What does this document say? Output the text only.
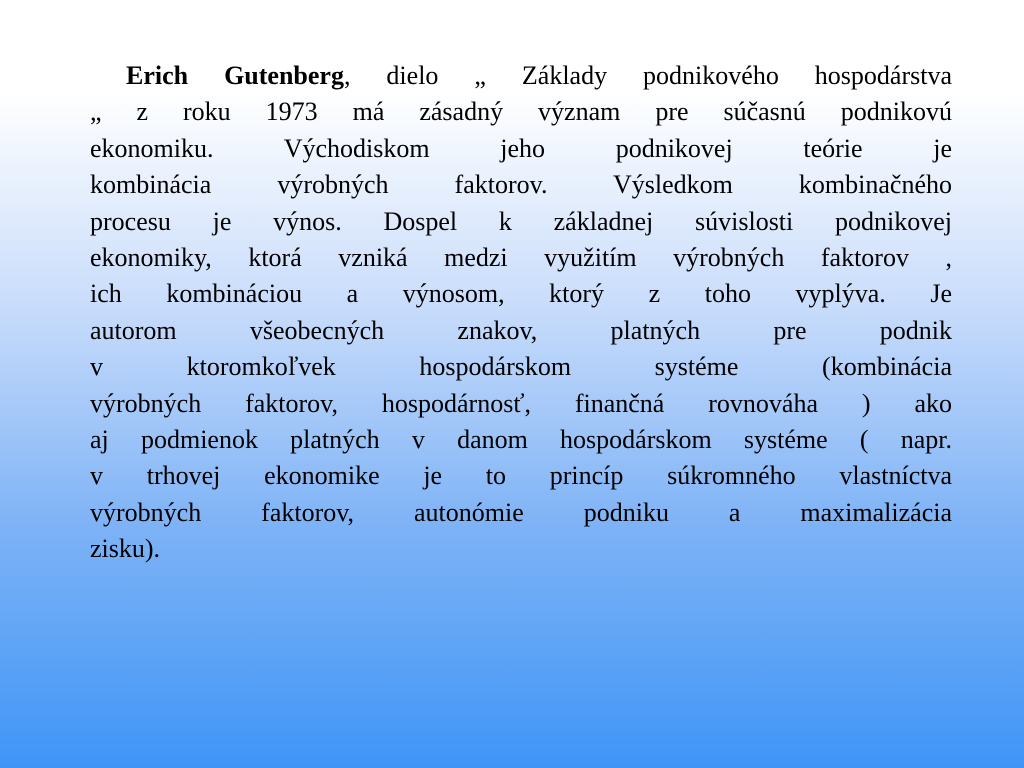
Erich Gutenberg, dielo „ Základy podnikového hospodárstva
„ z roku 1973 má zásadný význam pre súčasnú podnikovú
ekonomiku. Východiskom jeho podnikovej teórie je
kombinácia výrobných faktorov. Výsledkom kombinačného
procesu je výnos. Dospel k základnej súvislosti podnikovej
ekonomiky, ktorá vzniká medzi využitím výrobných faktorov ,
ich kombináciou a výnosom, ktorý z toho vyplýva. Je
autorom všeobecných znakov, platných pre podnik
v ktoromkoľvek hospodárskom systéme (kombinácia
výrobných faktorov, hospodárnosť, finančná rovnováha ) ako
aj podmienok platných v danom hospodárskom systéme ( napr.
v trhovej ekonomike je to princíp súkromného vlastníctva
výrobných faktorov, autonómie podniku a maximalizácia
zisku).
